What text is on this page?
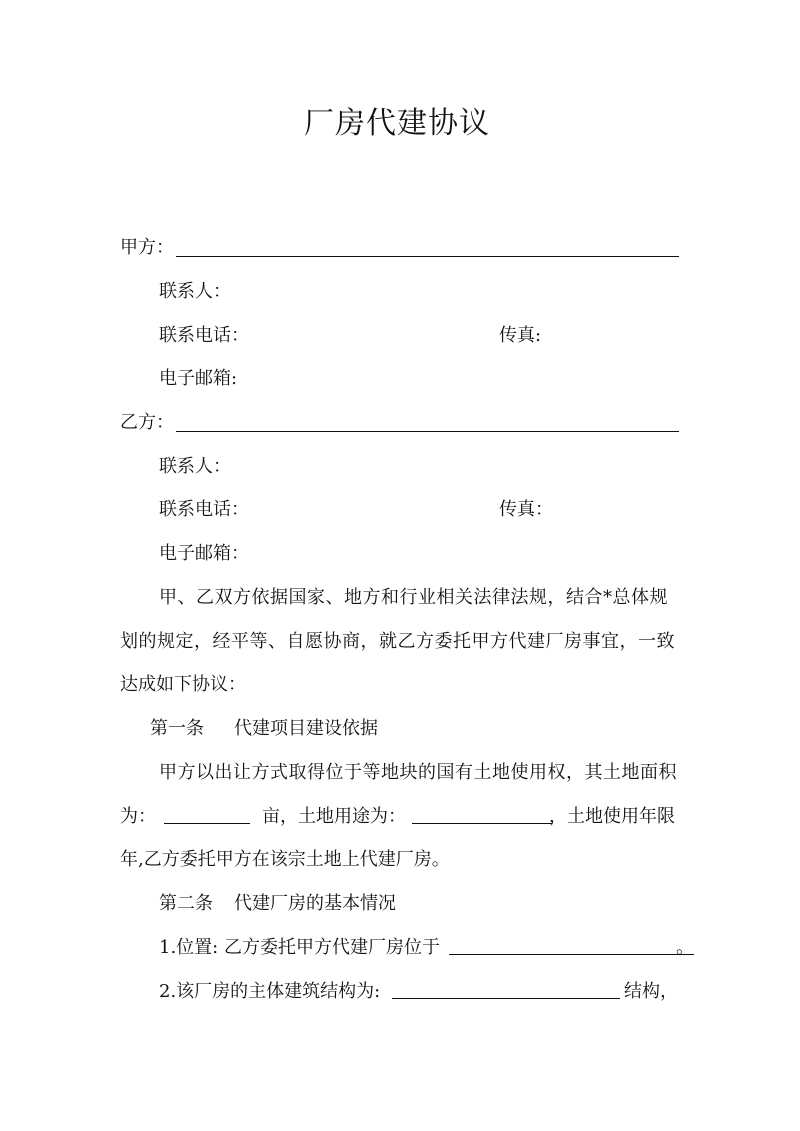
厂房代建协议
甲方：
联系人：
联系电话：	传真:
电子邮箱:
乙方：
联系人：
联系电话：	传真：
电子邮箱：
甲、乙双方依据国家、地方和行业相关法律法规，结合*总体规
划的规定，经平等、自愿协商，就乙方委托甲方代建厂房事宜，一致
达成如下协议：
第一条 代建项目建设依据
甲方以出让方式取得位于等地块的国有土地使用权，其土地面积
为：	亩，土地用途为：	，土地使用年限
年,乙方委托甲方在该宗土地上代建厂房。
第二条 代建厂房的基本情况
1.位置: 乙方委托甲方代建厂房位于	。
2.该厂房的主体建筑结构为:	结构，
